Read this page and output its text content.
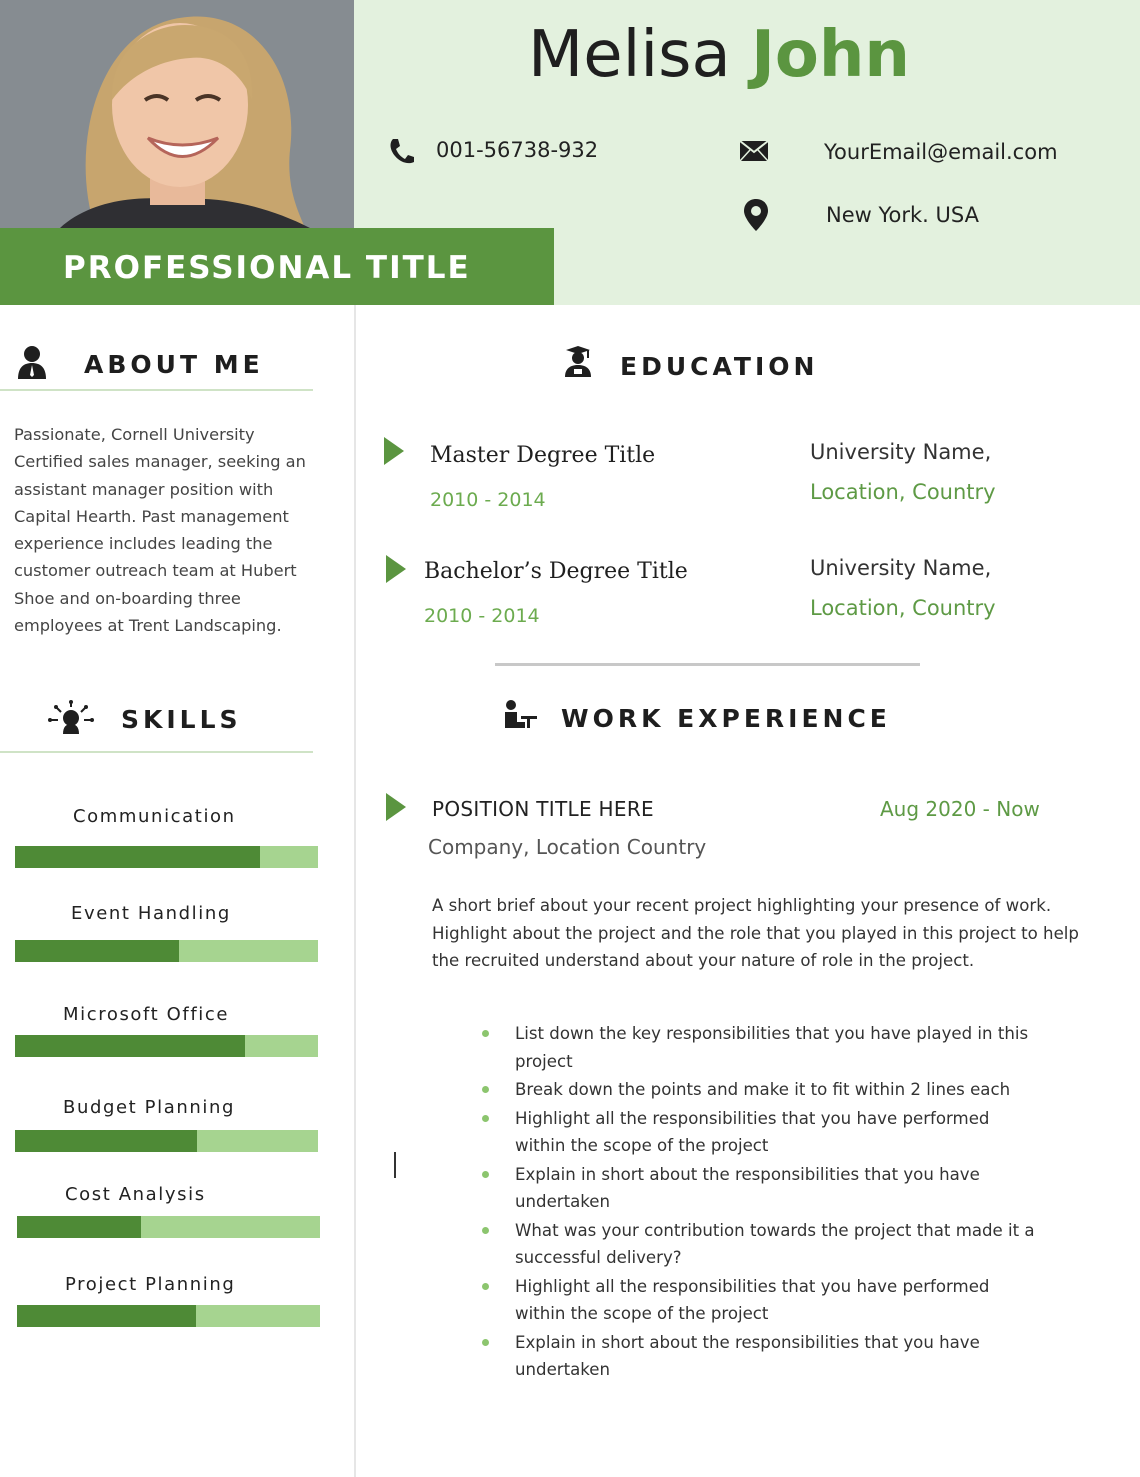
PROFESSIONAL TITLE
Melisa John
001-56738-932	YourEmail@email.com
New York. USA
ABOUT ME
Passionate, Cornell University Certified sales manager, seeking an assistant manager position with Capital Hearth. Past management experience includes leading the customer outreach team at Hubert Shoe and on-boarding three employees at Trent Landscaping.
SKILLS
Communication
Event Handling
Microsoft Office
Budget Planning
Cost Analysis
Project Planning
EDUCATION
Master Degree Title
2010 - 2014
University Name,
Location, Country
Bachelor’s Degree Title
2010 - 2014
University Name,
Location, Country
WORK EXPERIENCE
POSITION TITLE HERE	Aug 2020 - Now
Company, Location Country
A short brief about your recent project highlighting your presence of work. Highlight about the project and the role that you played in this project to help the recruited understand about your nature of role in the project.
List down the key responsibilities that you have played in this project
Break down the points and make it to fit within 2 lines each
Highlight all the responsibilities that you have performed within the scope of the project
Explain in short about the responsibilities that you have undertaken
What was your contribution towards the project that made it a successful delivery?
Highlight all the responsibilities that you have performed within the scope of the project
Explain in short about the responsibilities that you have undertaken
